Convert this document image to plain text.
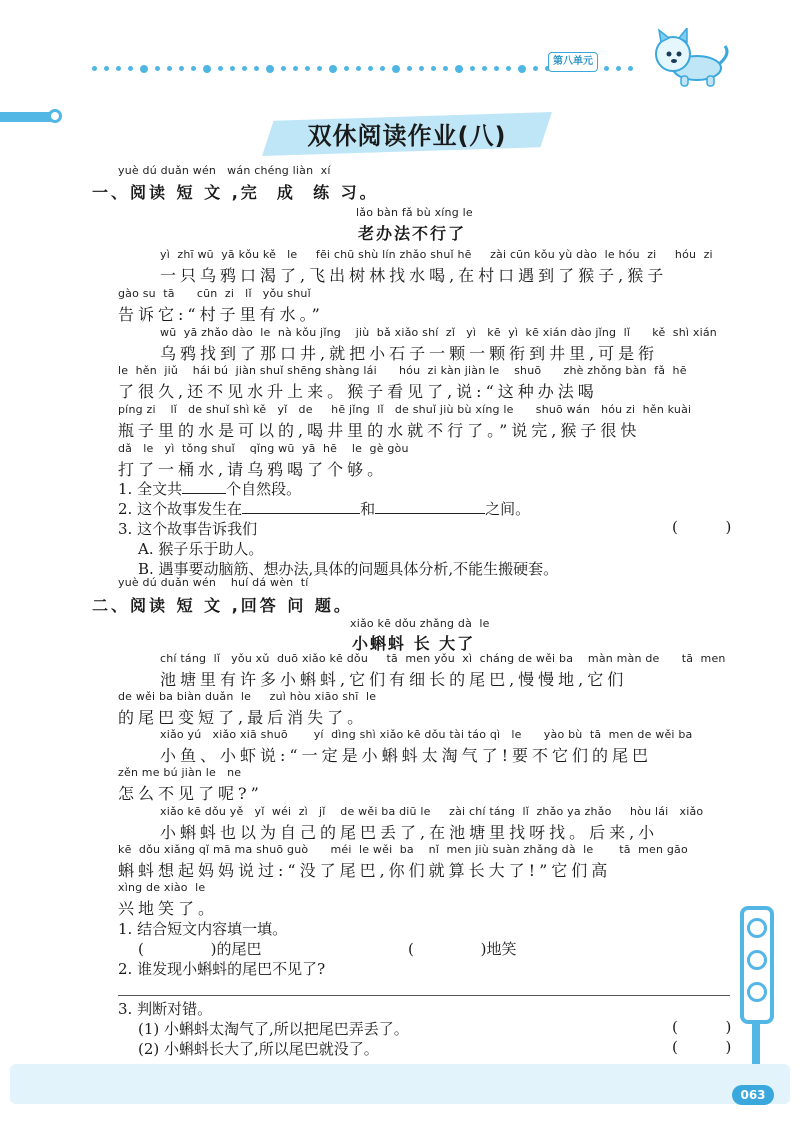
第八单元
双休阅读作业(八)
yuè dú duǎn wén   wán chéng liàn  xí
一、阅读 短 文 ,完  成  练 习。
lǎo bàn fǎ bù xíng le
老办法不行了
yì  zhī wū  yā kǒu kě   le     fēi chū shù lín zhǎo shuǐ hē     zài cūn kǒu yù dào  le hóu  zi     hóu  zi
一只乌鸦口渴了,飞出树林找水喝,在村口遇到了猴子,猴子
gào su  tā      cūn  zi   lǐ   yǒu shuǐ
告诉它:“村子里有水。”
wū  yā zhǎo dào  le  nà kǒu jǐng    jiù  bǎ xiǎo shí  zǐ   yì   kē  yì  kē xián dào jǐng  lǐ      kě  shì xián
乌鸦找到了那口井,就把小石子一颗一颗衔到井里,可是衔
le  hěn  jiǔ    hái bú  jiàn shuǐ shēng shàng lái      hóu  zi kàn jiàn le    shuō      zhè zhǒng bàn  fǎ  hē
了很久,还不见水升上来。猴子看见了,说:“这种办法喝
píng zi    lǐ   de shuǐ shì kě   yǐ   de     hē jǐng  lǐ   de shuǐ jiù bù xíng le      shuō wán   hóu zi  hěn kuài
瓶子里的水是可以的,喝井里的水就不行了。”说完,猴子很快
dǎ   le   yì  tǒng shuǐ    qǐng wū  yā  hē    le  gè gòu
打了一桶水,请乌鸦喝了个够。
1. 全文共	个自然段。
2. 这个故事发生在	和	之间。
3. 这个故事告诉我们	(          )
A. 猴子乐于助人。
B. 遇事要动脑筋、想办法,具体的问题具体分析,不能生搬硬套。
yuè dú duǎn wén    huí dá wèn  tí
二、阅读 短 文 ,回答 问 题。
xiǎo kē dǒu zhǎng dà  le
小蝌蚪 长 大了
chí táng  lǐ   yǒu xǔ  duō xiǎo kē dǒu     tā  men yǒu  xì  cháng de wěi ba    màn màn de      tā  men
池塘里有许多小蝌蚪,它们有细长的尾巴,慢慢地,它们
de wěi ba biàn duǎn  le     zuì hòu xiāo shī  le
的尾巴变短了,最后消失了。
xiǎo yú   xiǎo xiā shuō       yí  dìng shì xiǎo kē dǒu tài táo qì   le      yào bù  tā  men de wěi ba
小鱼、小虾说:“一定是小蝌蚪太淘气了!要不它们的尾巴
zěn me bú jiàn le   ne
怎么不见了呢?”
xiǎo kē dǒu yě   yǐ  wéi  zì   jǐ    de wěi ba diū le     zài chí táng  lǐ  zhǎo ya zhǎo     hòu lái   xiǎo
小蝌蚪也以为自己的尾巴丢了,在池塘里找呀找。后来,小
kē  dǒu xiǎng qǐ mā ma shuō guò      méi  le wěi  ba    nǐ  men jiù suàn zhǎng dà  le       tā  men gāo
蝌蚪想起妈妈说过:“没了尾巴,你们就算长大了!”它们高
xìng de xiào  le
兴地笑了。
1. 结合短文内容填一填。
(              )的尾巴	(              )地笑
2. 谁发现小蝌蚪的尾巴不见了?
3. 判断对错。
(1) 小蝌蚪太淘气了,所以把尾巴弄丢了。	(          )
(2) 小蝌蚪长大了,所以尾巴就没了。	(          )
063
